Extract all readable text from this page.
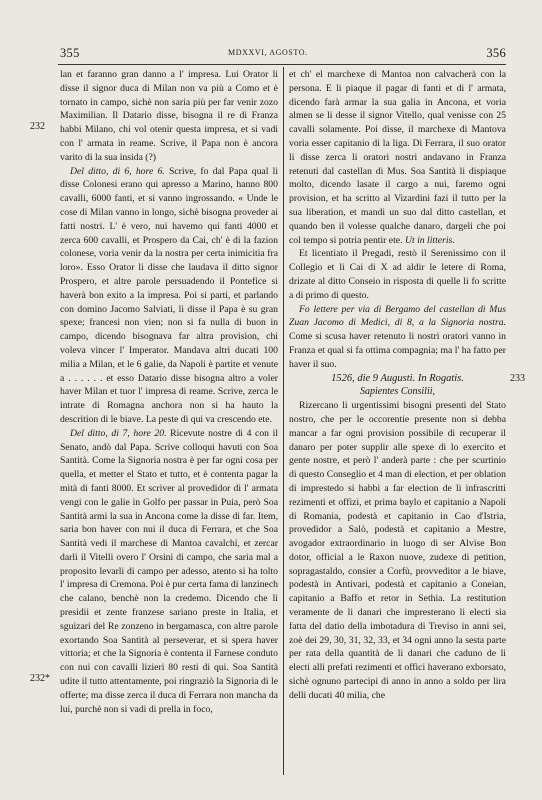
355	MDXXVI, AGOSTO.	356
232
232*
233

lan et faranno gran danno a l' impresa. Lui Orator li disse il signor duca di Milan non va più a Como et è tornato in campo, sichè non saria più per far venir zozo Maximilian. Il Datario disse, bisogna il re di Franza habbi Milano, chi vol otenir questa impresa, et si vadi con l' armata in reame. Scrive, il Papa non è ancora varito di la sua insida (?)

Del ditto, di 6, hore 6. Scrive, fo dal Papa qual li disse Colonesi erano qui apresso a Marino, hanno 800 cavalli, 6000 fanti, et si vanno ingrossando. « Unde le cose di Milan vanno in longo, sichè bisogna proveder ai fatti nostri. L' è vero, nui havemo qui fanti 4000 et zerca 600 cavalli, et Prospero da Cai, ch' è di la fazion colonese, voria venir da la nostra per certa inimicitia fra loro». Esso Orator li disse che laudava il ditto signor Prospero, et altre parole persuadendo il Pontefice si haverà bon exito a la impresa. Poi si parti, et parlando con domino Jacomo Salviati, li disse il Papa è su gran spexe; francesi non vien; non si fa nulla di buon in campo, dicendo bisognava far altra provision, chi voleva vincer l' Imperator. Mandava altri ducati 100 milia a Milan, et le 6 galie, da Napoli è partite et venute a . . . . . . et esso Datario disse bisogna altro a voler haver Milan et tuor l' impresa di reame. Scrive, zerca le intrate di Romagna anchora non si ha hauto la descrition di le biave. La peste di qui va crescendo ete.

Del ditto, di 7, hore 20. Ricevute nostre di 4 con il Senato, andò dal Papa. Scrive colloqui havuti con Soa Santità. Come la Signoria nostra è per far ogni cosa per quella, et metter el Stato et tutto, et è contenta pagar la mità di fanti 8000. Et scriver al provedidor di l' armata vengi con le galie in Golfo per passar in Puia, però Soa Santità armi la sua in Ancona come la disse di far. Item, saria bon haver con nui il duca di Ferrara, et che Soa Santità vedi il marchese di Mantoa cavalchi, et zercar darli il Vitelli overo l' Orsini di campo, che saria mal a proposito levarli di campo per adesso, atento si ha tolto l' impresa di Cremona. Poi è pur certa fama di lanzinech che calano, benchè non la credemo. Dicendo che li presidii et zente franzese sariano preste in Italia, et sguizari del Re zonzeno in bergamasca, con altre parole exortando Soa Santità al perseverar, et si spera haver vittoria; et che la Signoria è contenta il Farnese conduto con nui con cavalli lizieri 80 resti di qui. Soa Santità udite il tutto attentamente, poi ringraziò la Signoria di le offerte; ma disse zerca il duca di Ferrara non mancha da lui, purchè non si vadi di prella in foco,

et ch' el marchexe di Mantoa non calvacherà con la persona. E li piaque il pagar di fanti et di l' armata, dicendo farà armar la sua galia in Ancona, et voria almen se li desse il signor Vitello, qual venisse con 25 cavalli solamente. Poi disse, il marchexe di Mantova voria esser capitanio di la liga. Di Ferrara, il suo orator li disse zerca li oratori nostri andavano in Franza retenuti dal castellan di Mus. Soa Santità li dispiaque molto, dicendo lasate il cargo a nui, faremo ogni provision, et ha scritto al Vizardini fazi il tutto per la sua liberation, et mandi un suo dal ditto castellan, et quando ben il volesse qualche danaro, dargeli che poi col tempo si potria pentir ete. Ut in litteris.

Et licentiato il Pregadi, restò il Serenissimo con il Collegio et li Cai di X ad aldir le letere di Roma, drizate al ditto Conseio in risposta di quelle li fo scritte a di primo di questo.

Fo lettere per via di Bergamo del castellan di Mus Zuan Jacomo di Medici, di 8, a la Signoria nostra. Come si scusa haver retenuto li nostri oratori vanno in Franza et qual si fa ottima compagnia; ma l' ha fatto per haver il suo.

1526, die 9 Augusti. In Rogatis.

Sapientes Consilii,

Rizercano li urgentissimi bisogni presenti del Stato nostro, che per le occorentie presente non si debba mancar a far ogni provision possibile di recuperar il danaro per poter supplir alle spexe di lo exercito et gente nostre, et però l' anderà parte : che per scurtinio di questo Conseglio et 4 man di election, et per oblation di imprestedo si habbi a far election de li infrascritti rezimenti et offizi, et prima baylo et capitanio a Napoli di Romania, podestà et capitanio in Cao d'Istria, provedidor a Salò, podestà et capitanio a Mestre, avogador extraordinario in luogo di ser Alvise Bon dotor, official a le Raxon nuove, zudexe di petition, sopragastaldo, consier a Corfù, provveditor a le biave, podestà in Antivari, podestà et capitanio a Coneian, capitanio a Baffo et retor in Sethia. La restitution veramente de li danari che impresterano li electi sia fatta del datio della imbotadura di Treviso in anni sei, zoè dei 29, 30, 31, 32, 33, et 34 ogni anno la sesta parte per rata della quantità de li danari che caduno de li electi alli prefati rezimenti et offici haverano exborsato, sichè ognuno partecipi di anno in anno a soldo per lira delli ducati 40 milia, che
